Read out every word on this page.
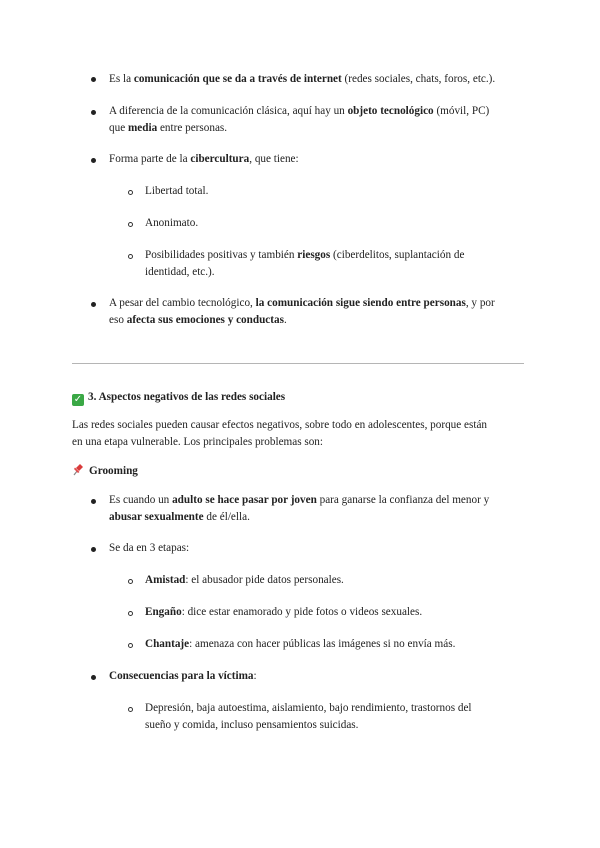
Es la comunicación que se da a través de internet (redes sociales, chats, foros, etc.).
A diferencia de la comunicación clásica, aquí hay un objeto tecnológico (móvil, PC)
que media entre personas.
Forma parte de la cibercultura, que tiene:
Libertad total.
Anonimato.
Posibilidades positivas y también riesgos (ciberdelitos, suplantación de
identidad, etc.).
A pesar del cambio tecnológico, la comunicación sigue siendo entre personas, y por
eso afecta sus emociones y conductas.
✓ 3. Aspectos negativos de las redes sociales
Las redes sociales pueden causar efectos negativos, sobre todo en adolescentes, porque están
en una etapa vulnerable. Los principales problemas son:
Grooming
Es cuando un adulto se hace pasar por joven para ganarse la confianza del menor y
abusar sexualmente de él/ella.
Se da en 3 etapas:
Amistad: el abusador pide datos personales.
Engaño: dice estar enamorado y pide fotos o videos sexuales.
Chantaje: amenaza con hacer públicas las imágenes si no envía más.
Consecuencias para la víctima:
Depresión, baja autoestima, aislamiento, bajo rendimiento, trastornos del
sueño y comida, incluso pensamientos suicidas.
